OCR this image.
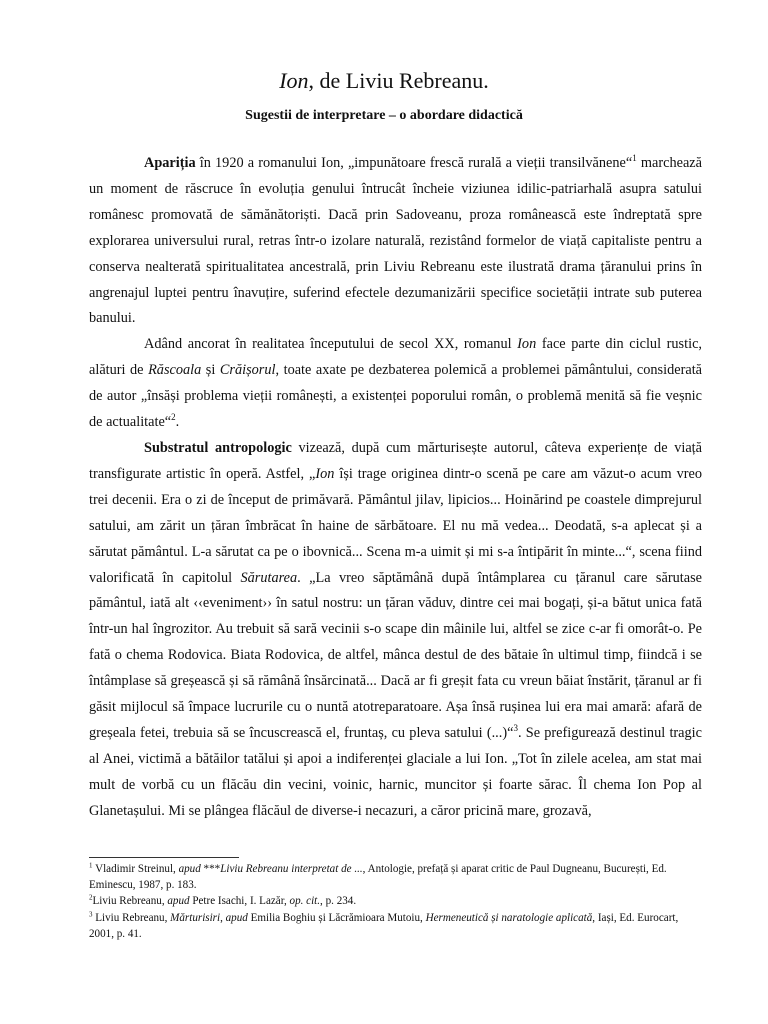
Ion, de Liviu Rebreanu.
Sugestii de interpretare – o abordare didactică

Apariția în 1920 a romanului Ion, „impunătoare frescă rurală a vieții transilvănene“$^1$ marchează un moment de răscruce în evoluția genului întrucât încheie viziunea idilic-patriarhală asupra satului românesc promovată de sămănătoriști. Dacă prin Sadoveanu, proza românească este îndreptată spre explorarea universului rural, retras într-o izolare naturală, rezistând formelor de viață capitaliste pentru a conserva nealterată spiritualitatea ancestrală, prin Liviu Rebreanu este ilustrată drama țăranului prins în angrenajul luptei pentru înavuțire, suferind efectele dezumanizării specifice societății intrate sub puterea banului.

Adând ancorat în realitatea începutului de secol XX, romanul Ion face parte din ciclul rustic, alături de Răscoala și Crăișorul, toate axate pe dezbaterea polemică a problemei pământului, considerată de autor „însăși problema vieții românești, a existenței poporului român, o problemă menită să fie veșnic de actualitate“$^2$.

Substratul antropologic vizează, după cum mărturisește autorul, câteva experiențe de viață transfigurate artistic în operă. Astfel, „Ion își trage originea dintr-o scenă pe care am văzut-o acum vreo trei decenii. Era o zi de început de primăvară. Pământul jilav, lipicios... Hoinărind pe coastele dimprejurul satului, am zărit un țăran îmbrăcat în haine de sărbătoare. El nu mă vedea... Deodată, s-a aplecat și a sărutat pământul. L-a sărutat ca pe o ibovnică... Scena m-a uimit și mi s-a întipărit în minte...“, scena fiind valorificată în capitolul Sărutarea. „La vreo săptămână după întâmplarea cu țăranul care sărutase pământul, iată alt ‹‹eveniment›› în satul nostru: un țăran văduv, dintre cei mai bogați, și-a bătut unica fată într-un hal îngrozitor. Au trebuit să sară vecinii s-o scape din mâinile lui, altfel se zice c-ar fi omorât-o. Pe fată o chema Rodovica. Biata Rodovica, de altfel, mânca destul de des bătaie în ultimul timp, fiindcă i se întâmplase să greșească și să rămână însărcinată... Dacă ar fi greșit fata cu vreun băiat înstărit, țăranul ar fi găsit mijlocul să împace lucrurile cu o nuntă atotreparatoare. Așa însă rușinea lui era mai amară: afară de greșeala fetei, trebuia să se încuscrească el, fruntaș, cu pleva satului (...)“$^3$. Se prefigurează destinul tragic al Anei, victimă a bătăilor tatălui și apoi a indiferenței glaciale a lui Ion. „Tot în zilele acelea, am stat mai mult de vorbă cu un flăcău din vecini, voinic, harnic, muncitor și foarte sărac. Îl chema Ion Pop al Glanetașului. Mi se plângea flăcăul de diverse-i necazuri, a căror pricină mare, grozavă,

$^1$ Vladimir Streinul, apud ***Liviu Rebreanu interpretat de ..., Antologie, prefață și aparat critic de Paul Dugneanu, București, Ed. Eminescu, 1987, p. 183.
$^2$Liviu Rebreanu, apud Petre Isachi, I. Lazăr, op. cit., p. 234.
$^3$ Liviu Rebreanu, Mărturisiri, apud Emilia Boghiu și Lăcrămioara Mutoiu, Hermeneutică și naratologie aplicată, Iași, Ed. Eurocart, 2001, p. 41.
